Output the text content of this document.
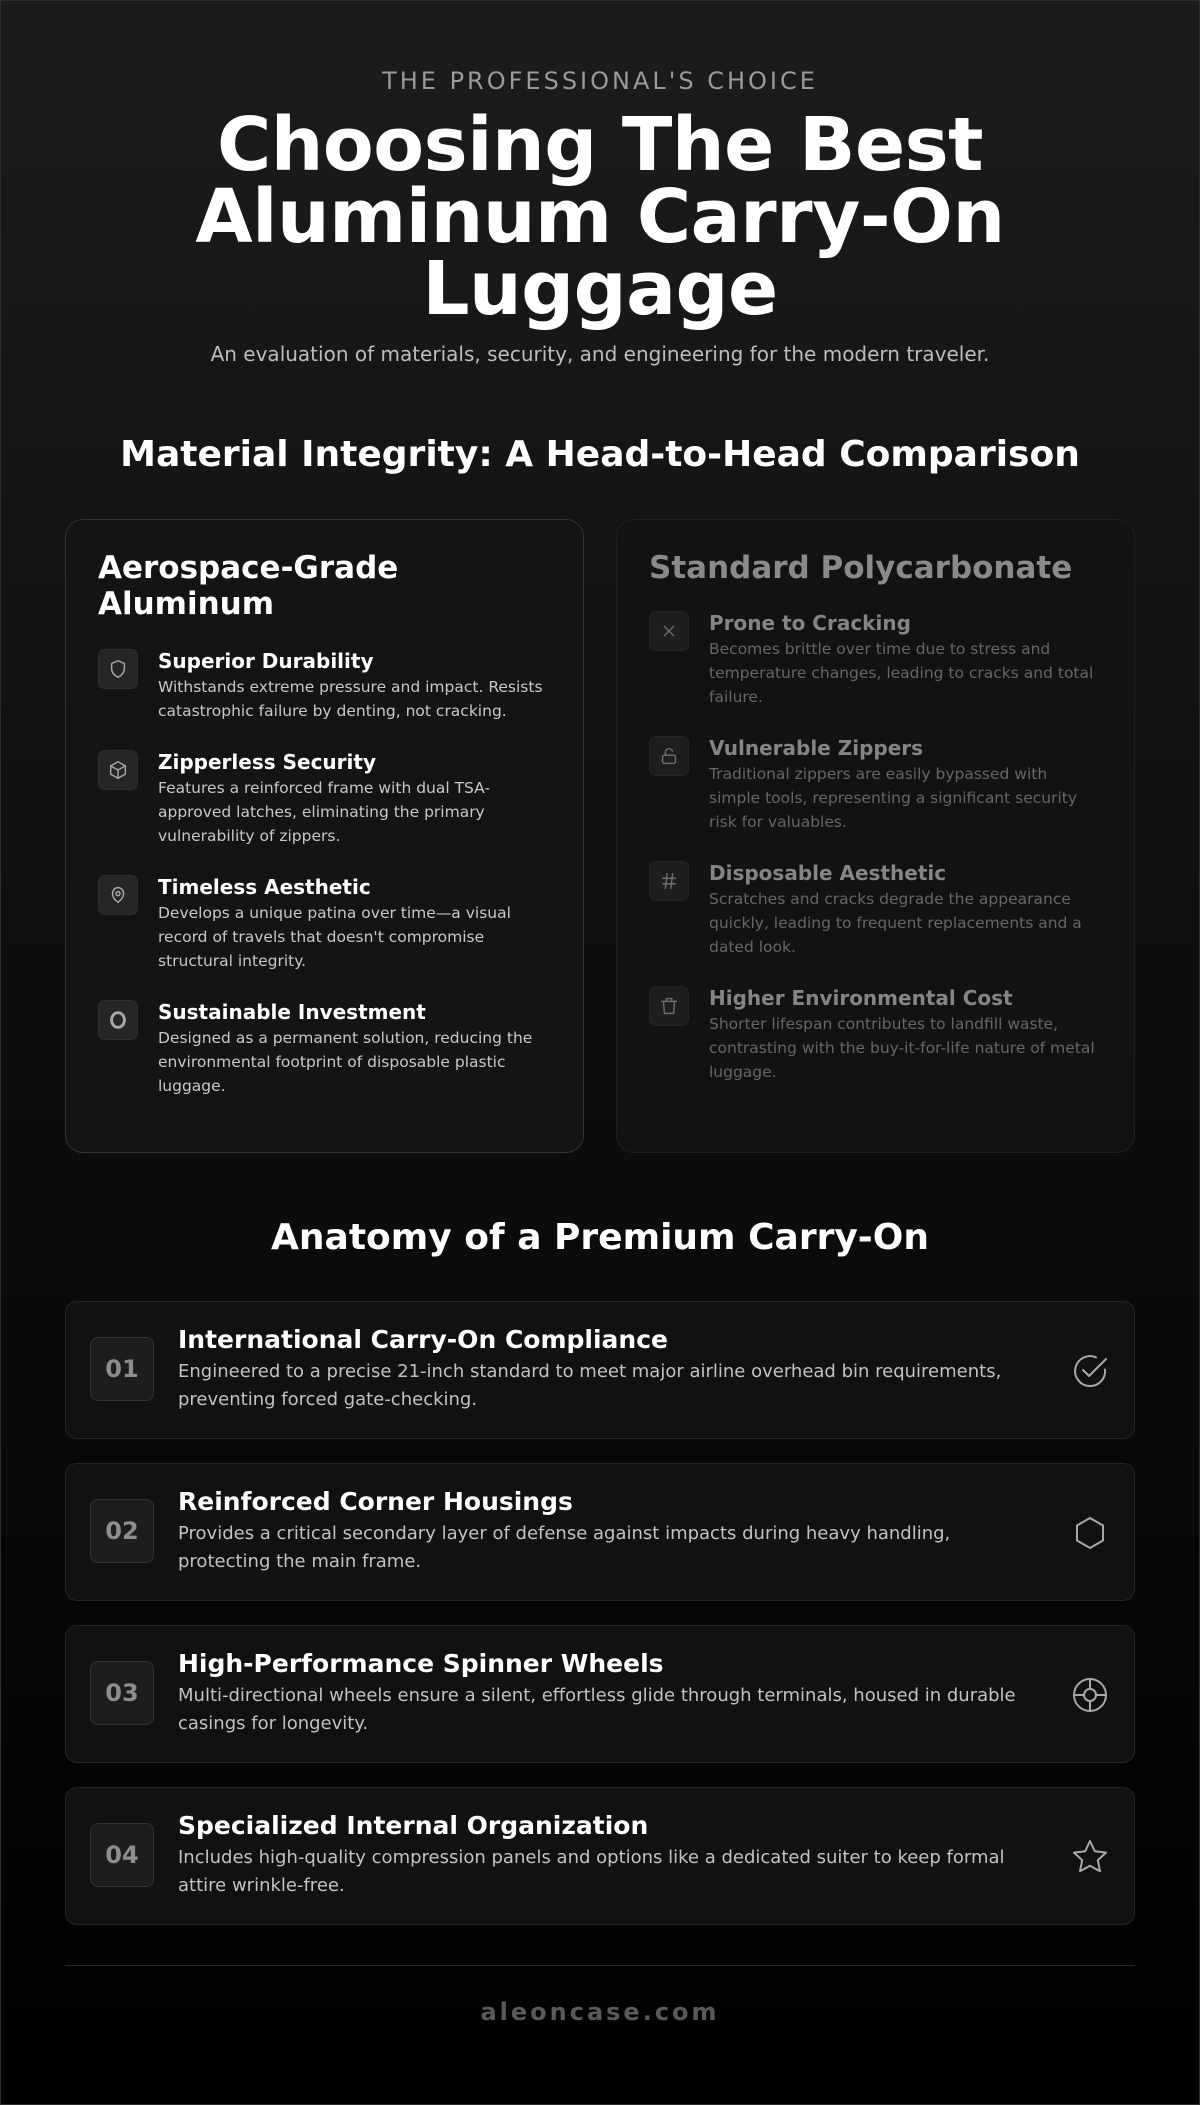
THE PROFESSIONAL'S CHOICE
Choosing The Best Aluminum Carry-On Luggage

An evaluation of materials, security, and engineering for the modern traveler.

Material Integrity: A Head-to-Head Comparison
Aerospace-Grade Aluminum
Superior Durability
Withstands extreme pressure and impact. Resists catastrophic failure by denting, not cracking.
Zipperless Security
Features a reinforced frame with dual TSA-approved latches, eliminating the primary vulnerability of zippers.
Timeless Aesthetic
Develops a unique patina over time—a visual record of travels that doesn't compromise structural integrity.
Sustainable Investment
Designed as a permanent solution, reducing the environmental footprint of disposable plastic luggage.
Standard Polycarbonate
Prone to Cracking
Becomes brittle over time due to stress and temperature changes, leading to cracks and total failure.
Vulnerable Zippers
Traditional zippers are easily bypassed with simple tools, representing a significant security risk for valuables.
Disposable Aesthetic
Scratches and cracks degrade the appearance quickly, leading to frequent replacements and a dated look.
Higher Environmental Cost
Shorter lifespan contributes to landfill waste, contrasting with the buy-it-for-life nature of metal luggage.
Anatomy of a Premium Carry-On
01
International Carry-On Compliance
Engineered to a precise 21-inch standard to meet major airline overhead bin requirements, preventing forced gate-checking.
02
Reinforced Corner Housings
Provides a critical secondary layer of defense against impacts during heavy handling, protecting the main frame.
03
High-Performance Spinner Wheels
Multi-directional wheels ensure a silent, effortless glide through terminals, housed in durable casings for longevity.
04
Specialized Internal Organization
Includes high-quality compression panels and options like a dedicated suiter to keep formal attire wrinkle-free.
aleoncase.com
